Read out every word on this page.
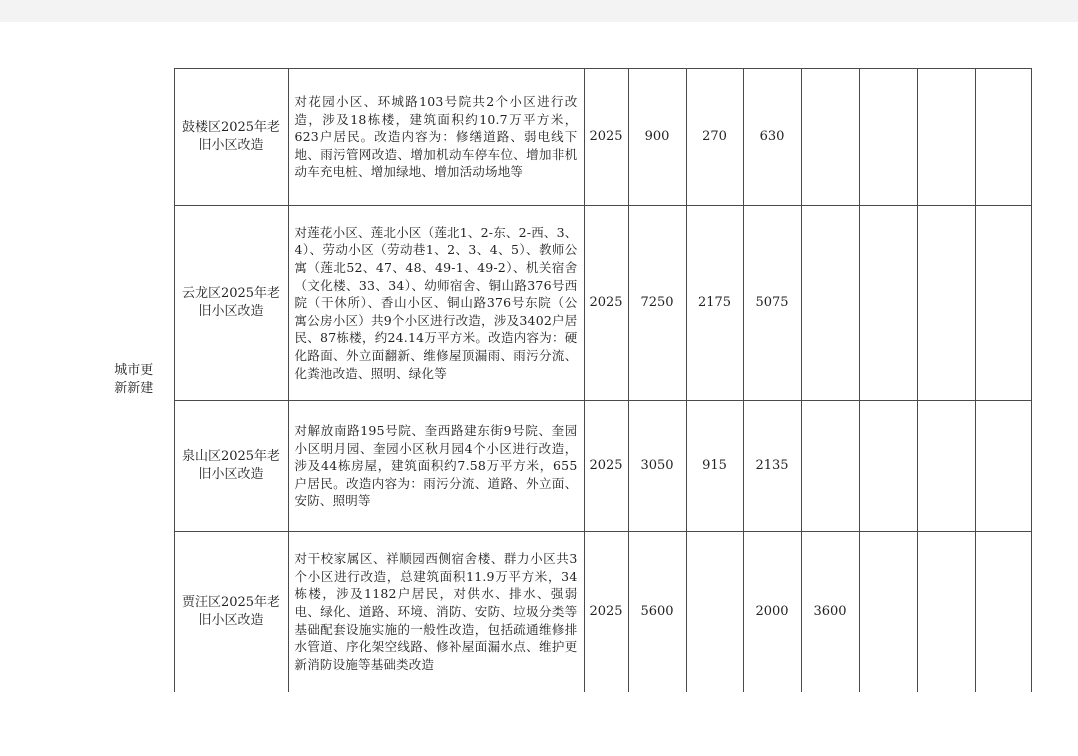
城市更新新建	鼓楼区2025年老旧小区改造	对花园小区、环城路103号院共2个小区进行改造，涉及18栋楼，建筑面积约10.7万平方米，623户居民。改造内容为：修缮道路、弱电线下地、雨污管网改造、增加机动车停车位、增加非机动车充电桩、增加绿地、增加活动场地等	2025	900	270	630				
	云龙区2025年老旧小区改造	对莲花小区、莲北小区（莲北1、2-东、2-西、3、4）、劳动小区（劳动巷1、2、3、4、5）、教师公寓（莲北52、47、48、49-1、49-2）、机关宿舍（文化楼、33、34）、幼师宿舍、铜山路376号西院（干休所）、香山小区、铜山路376号东院（公寓公房小区）共9个小区进行改造，涉及3402户居民、87栋楼，约24.14万平方米。改造内容为：硬化路面、外立面翻新、维修屋顶漏雨、雨污分流、化粪池改造、照明、绿化等	2025	7250	2175	5075				
	泉山区2025年老旧小区改造	对解放南路195号院、奎西路建东街9号院、奎园小区明月园、奎园小区秋月园4个小区进行改造，涉及44栋房屋，建筑面积约7.58万平方米，655户居民。改造内容为：雨污分流、道路、外立面、安防、照明等	2025	3050	915	2135				
	贾汪区2025年老旧小区改造	对干校家属区、祥顺园西侧宿舍楼、群力小区共3个小区进行改造，总建筑面积11.9万平方米，34栋楼，涉及1182户居民，对供水、排水、强弱电、绿化、道路、环境、消防、安防、垃圾分类等基础配套设施实施的一般性改造，包括疏通维修排水管道、序化架空线路、修补屋面漏水点、维护更新消防设施等基础类改造	2025	5600		2000	3600			
